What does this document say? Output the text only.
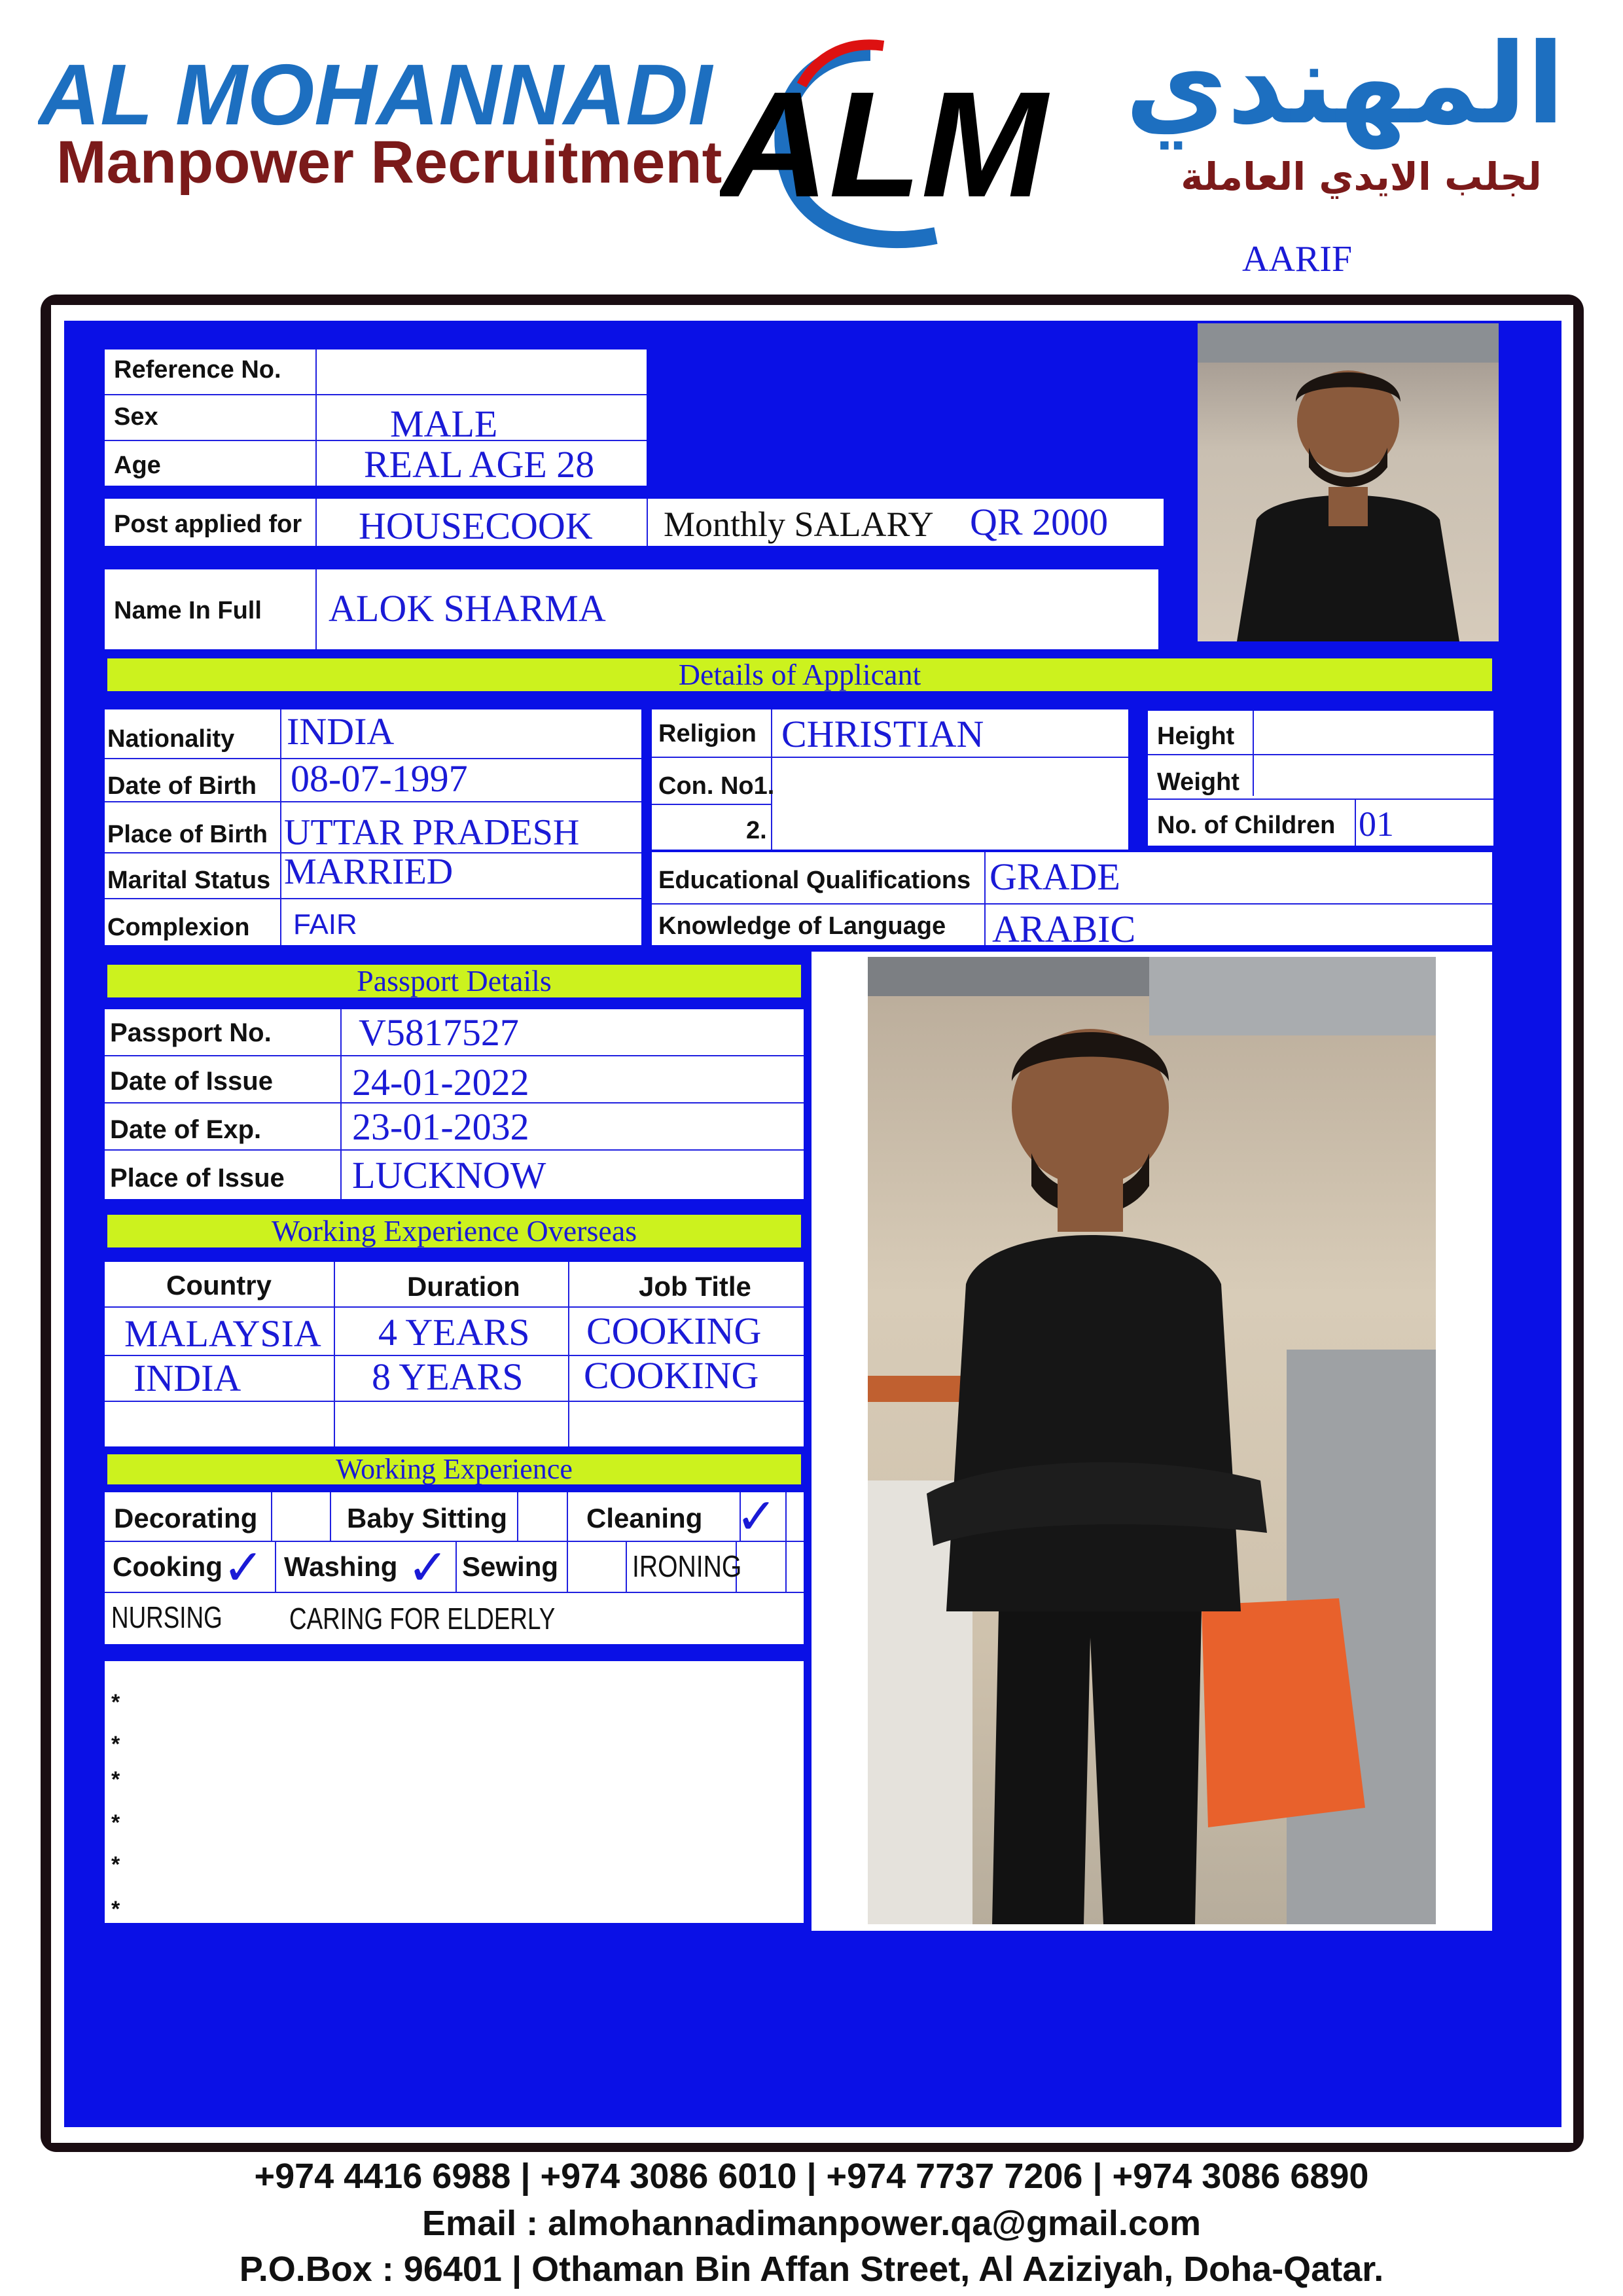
AL MOHANNADI
Manpower Recruitment
ALM المهندي
لجلب الايدي العاملة
AARIF
Reference No.
Sex	MALE
Age	REAL AGE 28
Post applied for HOUSECOOK Monthly SALARY QR 2000
Name In Full ALOK SHARMA
Details of Applicant
Nationality INDIA
Date of Birth 08-07-1997
Place of Birth UTTAR PRADESH
Marital Status MARRIED
Complexion FAIR
Religion CHRISTIAN
Con. No1.
2.
Height
Weight
No. of Children 01
Educational Qualifications GRADE
Knowledge of Language ARABIC
Passport Details
Passport No. V5817527
Date of Issue 24-01-2022
Date of Exp. 23-01-2032
Place of Issue LUCKNOW
Working Experience Overseas
Country	Duration	Job Title
MALAYSIA 4 YEARS COOKING
INDIA	8 YEARS COOKING
Working Experience
Decorating	Baby Sitting	Cleaning ✓
Cooking ✓ Washing ✓ Sewing IRONING
NURSING CARING FOR ELDERLY
*
*
*
*
*
*
+974 4416 6988 | +974 3086 6010 | +974 7737 7206 | +974 3086 6890
Email : almohannadimanpower.qa@gmail.com
P.O.Box : 96401 | Othaman Bin Affan Street, Al Aziziyah, Doha-Qatar.
